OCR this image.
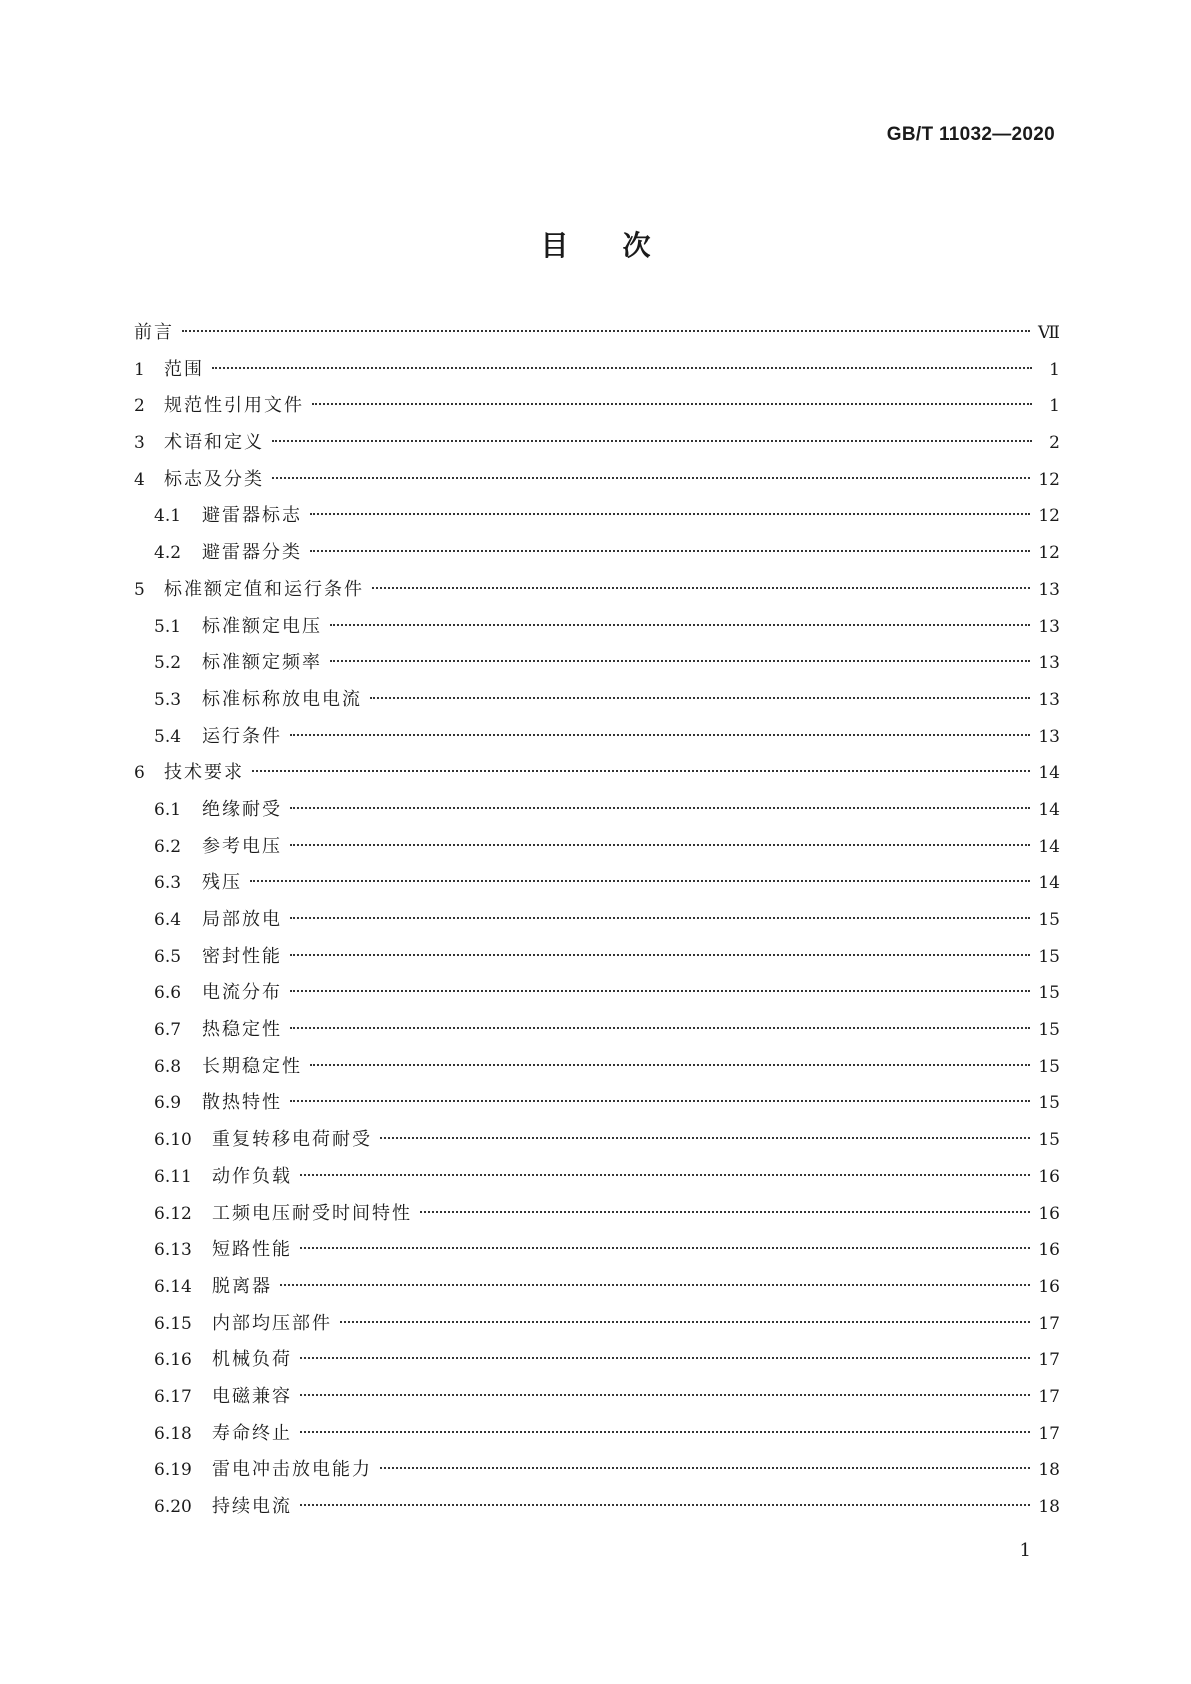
GB/T 11032—2020
目次
前言	Ⅶ
1	范围	1
2	规范性引用文件	1
3	术语和定义	2
4	标志及分类	12
4.1	避雷器标志	12
4.2	避雷器分类	12
5	标准额定值和运行条件	13
5.1	标准额定电压	13
5.2	标准额定频率	13
5.3	标准标称放电电流	13
5.4	运行条件	13
6	技术要求	14
6.1	绝缘耐受	14
6.2	参考电压	14
6.3	残压	14
6.4	局部放电	15
6.5	密封性能	15
6.6	电流分布	15
6.7	热稳定性	15
6.8	长期稳定性	15
6.9	散热特性	15
6.10	重复转移电荷耐受	15
6.11	动作负载	16
6.12	工频电压耐受时间特性	16
6.13	短路性能	16
6.14	脱离器	16
6.15	内部均压部件	17
6.16	机械负荷	17
6.17	电磁兼容	17
6.18	寿命终止	17
6.19	雷电冲击放电能力	18
6.20	持续电流	18
1
